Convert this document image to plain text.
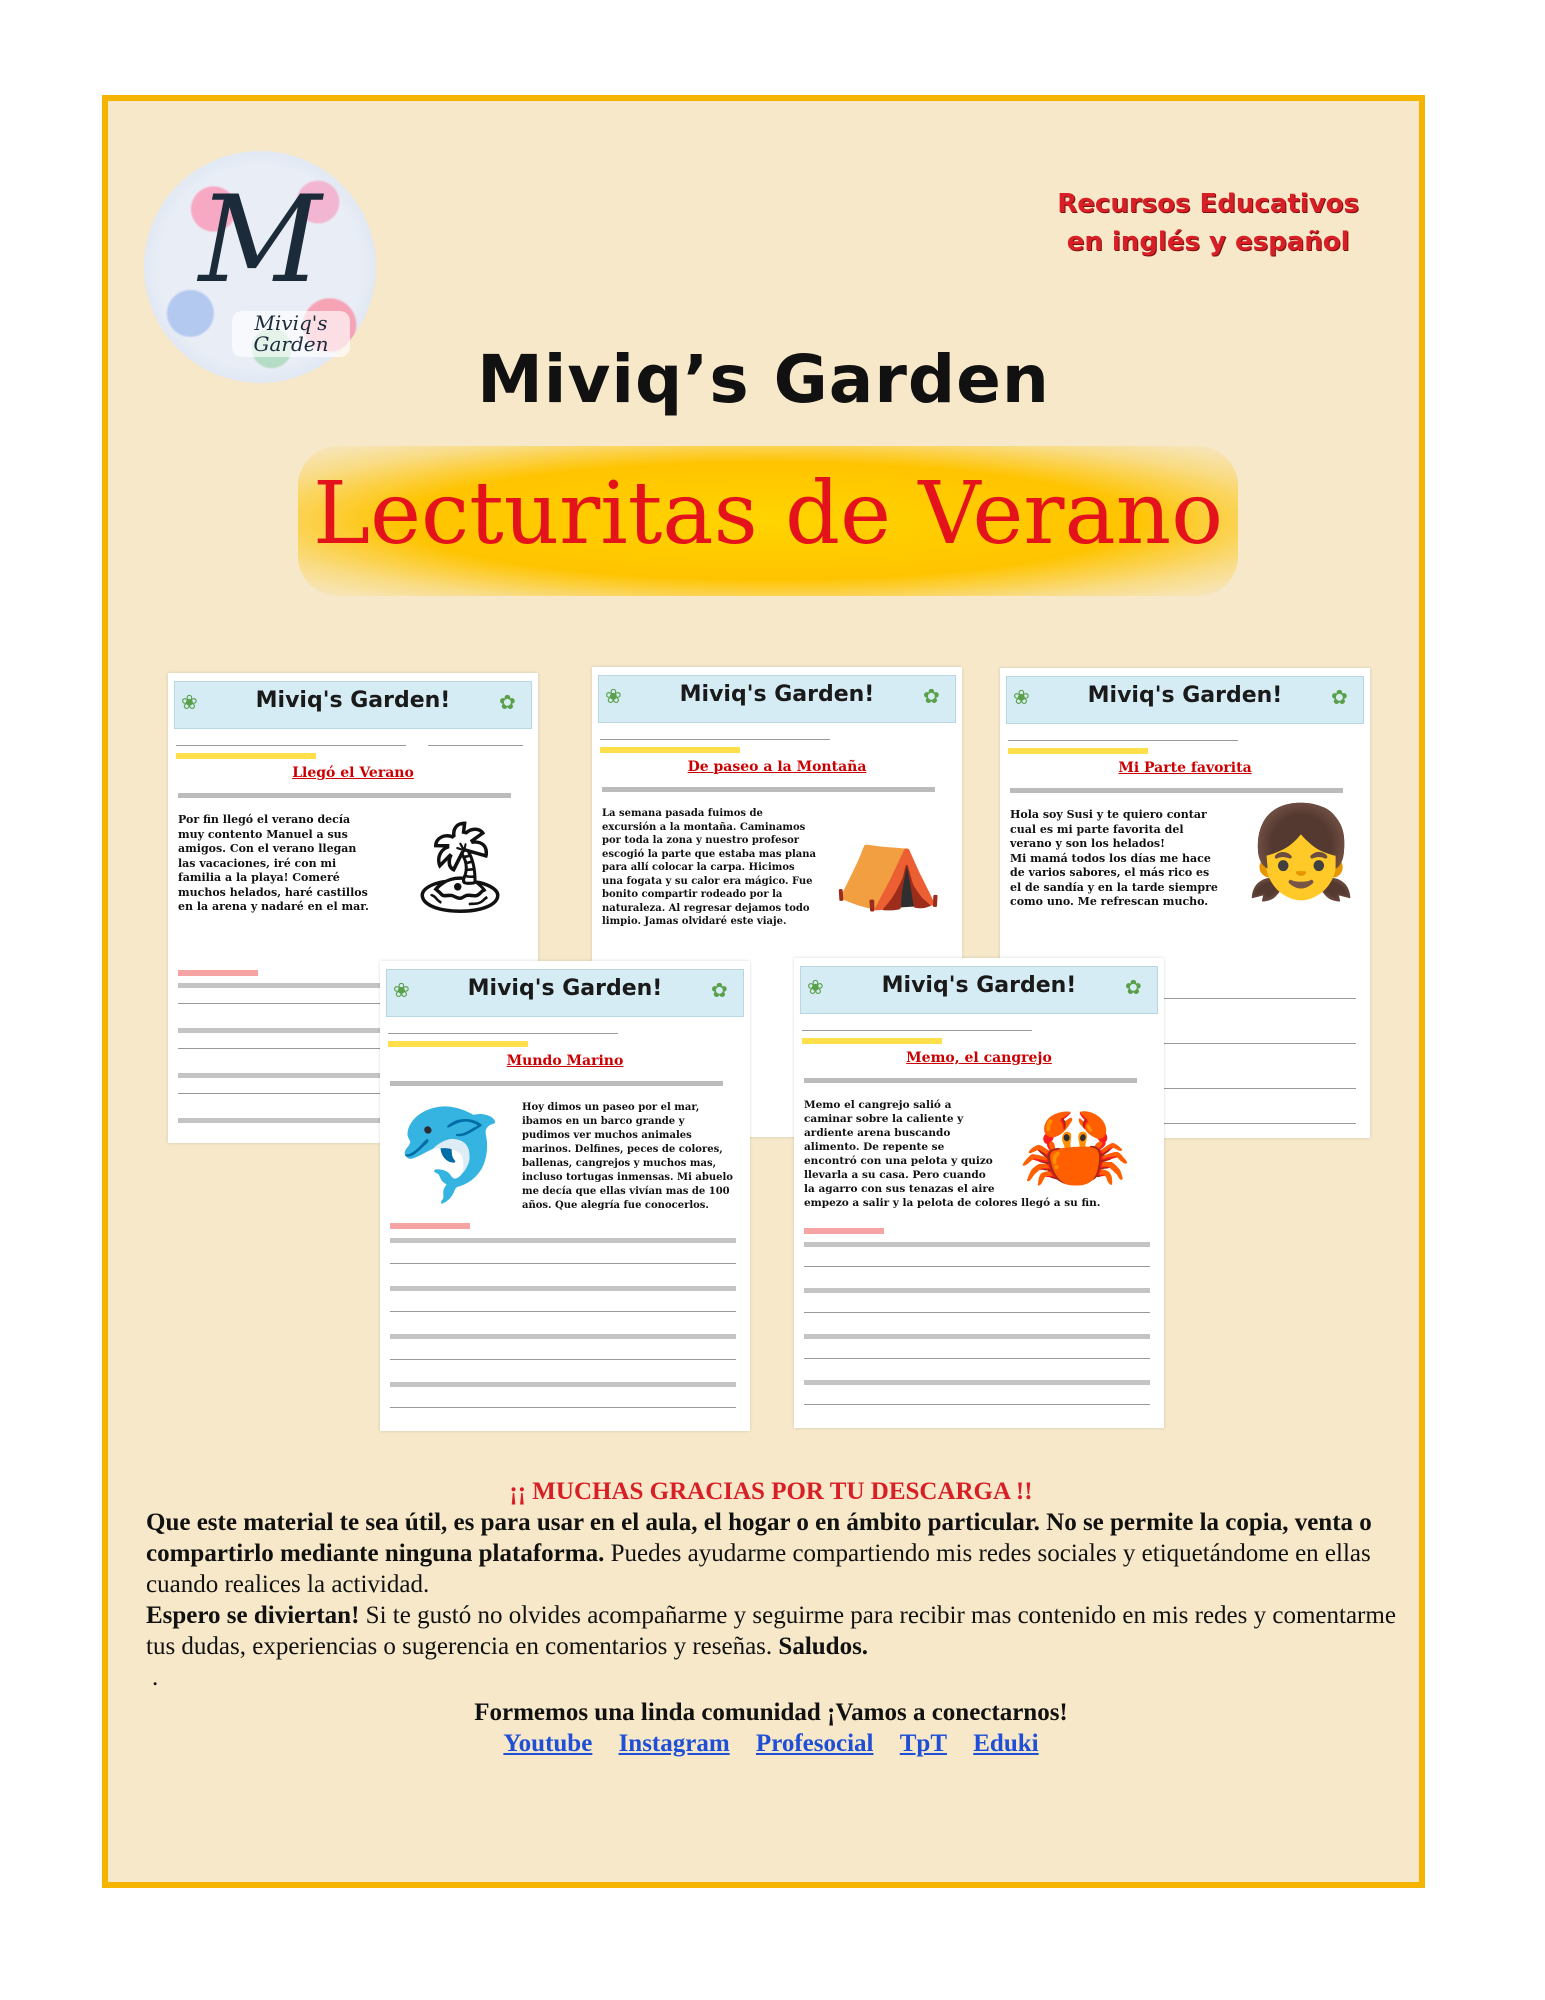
M
Miviq's Garden
Recursos Educativos
en inglés y español
Miviq’s Garden
Lecturitas de Verano
❀	Miviq's Garden!	✿
Llegó el Verano
Por fin llegó el verano decía
muy contento Manuel a sus
amigos. Con el verano llegan
las vacaciones, iré con mi
familia a la playa! Comeré
muchos helados, haré castillos
en la arena y nadaré en el mar. 🏝
❀	Miviq's Garden!	✿
De paseo a la Montaña
La semana pasada fuimos de
excursión a la montaña. Caminamos
por toda la zona y nuestro profesor
escogió la parte que estaba mas plana
para allí colocar la carpa. Hicimos
una fogata y su calor era mágico. Fue
bonito compartir rodeado por la
naturaleza. Al regresar dejamos todo
limpio. Jamas olvidaré este viaje.
⛺
❀	Miviq's Garden!	✿
Mi Parte favorita
Hola soy Susi y te quiero contar
cual es mi parte favorita del
verano y son los helados!
Mi mamá todos los días me hace
de varios sabores, el más rico es
el de sandía y en la tarde siempre
como uno. Me refrescan mucho. 👧
❀	Miviq's Garden!	✿
Mundo Marino
🐬 Hoy dimos un paseo por el mar,
ibamos en un barco grande y
pudimos ver muchos animales
marinos. Delfines, peces de colores,
ballenas, cangrejos y muchos mas,
incluso tortugas inmensas. Mi abuelo
me decía que ellas vivían mas de 100
años. Que alegría fue conocerlos.
❀	Miviq's Garden!	✿
Memo, el cangrejo
Memo el cangrejo salió a
caminar sobre la caliente y
ardiente arena buscando
alimento. De repente se
encontró con una pelota y quizo
llevarla a su casa. Pero cuando
la agarro con sus tenazas el aire
empezo a salir y la pelota de colores llegó a su fin.
🦀
¡¡ MUCHAS GRACIAS POR TU DESCARGA !!
Que este material te sea útil, es para usar en el aula, el hogar o en ámbito particular. No se permite la copia, venta o compartirlo mediante ninguna plataforma. Puedes ayudarme compartiendo mis redes sociales y etiquetándome en ellas cuando realices la actividad.
Espero se diviertan! Si te gustó no olvides acompañarme y seguirme para recibir mas contenido en mis redes y comentarme tus dudas, experiencias o sugerencia en comentarios y reseñas. Saludos.
.
Formemos una linda comunidad ¡Vamos a conectarnos!
Youtube Instagram Profesocial TpT Eduki
